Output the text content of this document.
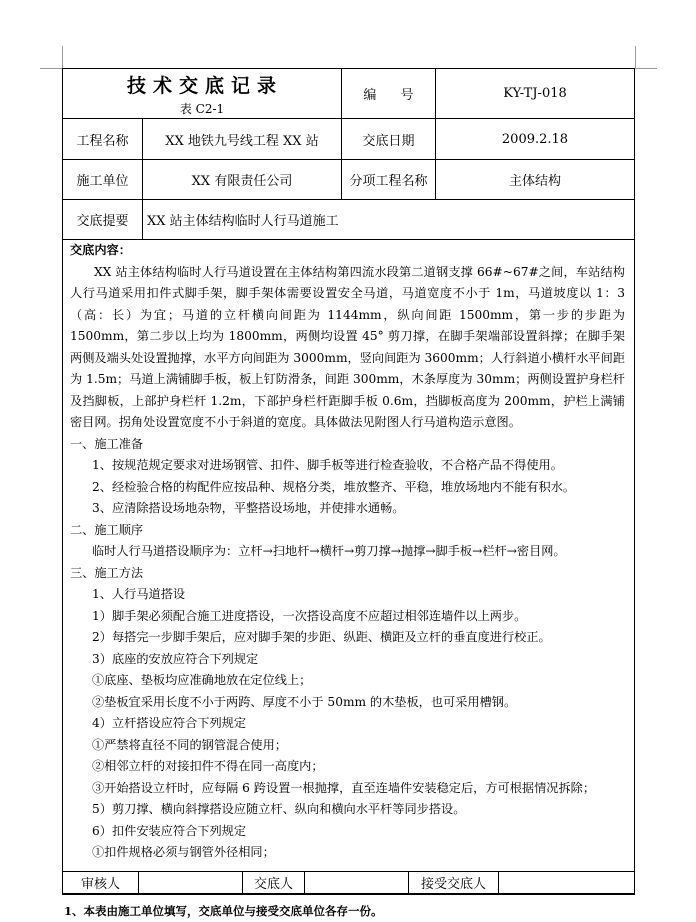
技术交底记录
表 C2-1
编 号	KY-TJ-018
工程名称	XX 地铁九号线工程 XX 站	交底日期	2009.2.18
施工单位	XX 有限责任公司	分项工程名称	主体结构
交底提要 XX 站主体结构临时人行马道施工

交底内容：

XX 站主体结构临时人行马道设置在主体结构第四流水段第二道钢支撑 66#~67#之间，车站结构人行马道采用扣件式脚手架，脚手架体需要设置安全马道，马道宽度不小于 1m，马道坡度以 1：3（高：长）为宜；马道的立杆横向间距为 1144mm，纵向间距 1500mm，第一步的步距为 1500mm，第二步以上均为 1800mm，两侧均设置 45° 剪刀撑，在脚手架端部设置斜撑；在脚手架两侧及端头处设置抛撑，水平方向间距为 3000mm，竖向间距为 3600mm；人行斜道小横杆水平间距为 1.5m；马道上满铺脚手板，板上钉防滑条，间距 300mm，木条厚度为 30mm；两侧设置护身栏杆及挡脚板，上部护身栏杆 1.2m，下部护身栏杆距脚手板 0.6m，挡脚板高度为 200mm，护栏上满铺密目网。拐角处设置宽度不小于斜道的宽度。具体做法见附图人行马道构造示意图。

一、施工准备

1、按规范规定要求对进场钢管、扣件、脚手板等进行检查验收，不合格产品不得使用。

2、经检验合格的构配件应按品种、规格分类，堆放整齐、平稳，堆放场地内不能有积水。

3、应清除搭设场地杂物，平整搭设场地，并使排水通畅。

二、施工顺序

临时人行马道搭设顺序为：立杆→扫地杆→横杆→剪刀撑→抛撑→脚手板→栏杆→密目网。

三、施工方法

1、人行马道搭设

1）脚手架必须配合施工进度搭设，一次搭设高度不应超过相邻连墙件以上两步。

2）每搭完一步脚手架后，应对脚手架的步距、纵距、横距及立杆的垂直度进行校正。

3）底座的安放应符合下列规定

①底座、垫板均应准确地放在定位线上；

②垫板宜采用长度不小于两跨、厚度不小于 50mm 的木垫板，也可采用槽钢。

4）立杆搭设应符合下列规定

①严禁将直径不同的钢管混合使用；

②相邻立杆的对接扣件不得在同一高度内；

③开始搭设立杆时，应每隔 6 跨设置一根抛撑，直至连墙件安装稳定后，方可根据情况拆除；

5）剪刀撑、横向斜撑搭设应随立杆、纵向和横向水平杆等同步搭设。

6）扣件安装应符合下列规定

①扣件规格必须与钢管外径相同；

审核人	交底人	接受交底人
1、本表由施工单位填写，交底单位与接受交底单位各存一份。
